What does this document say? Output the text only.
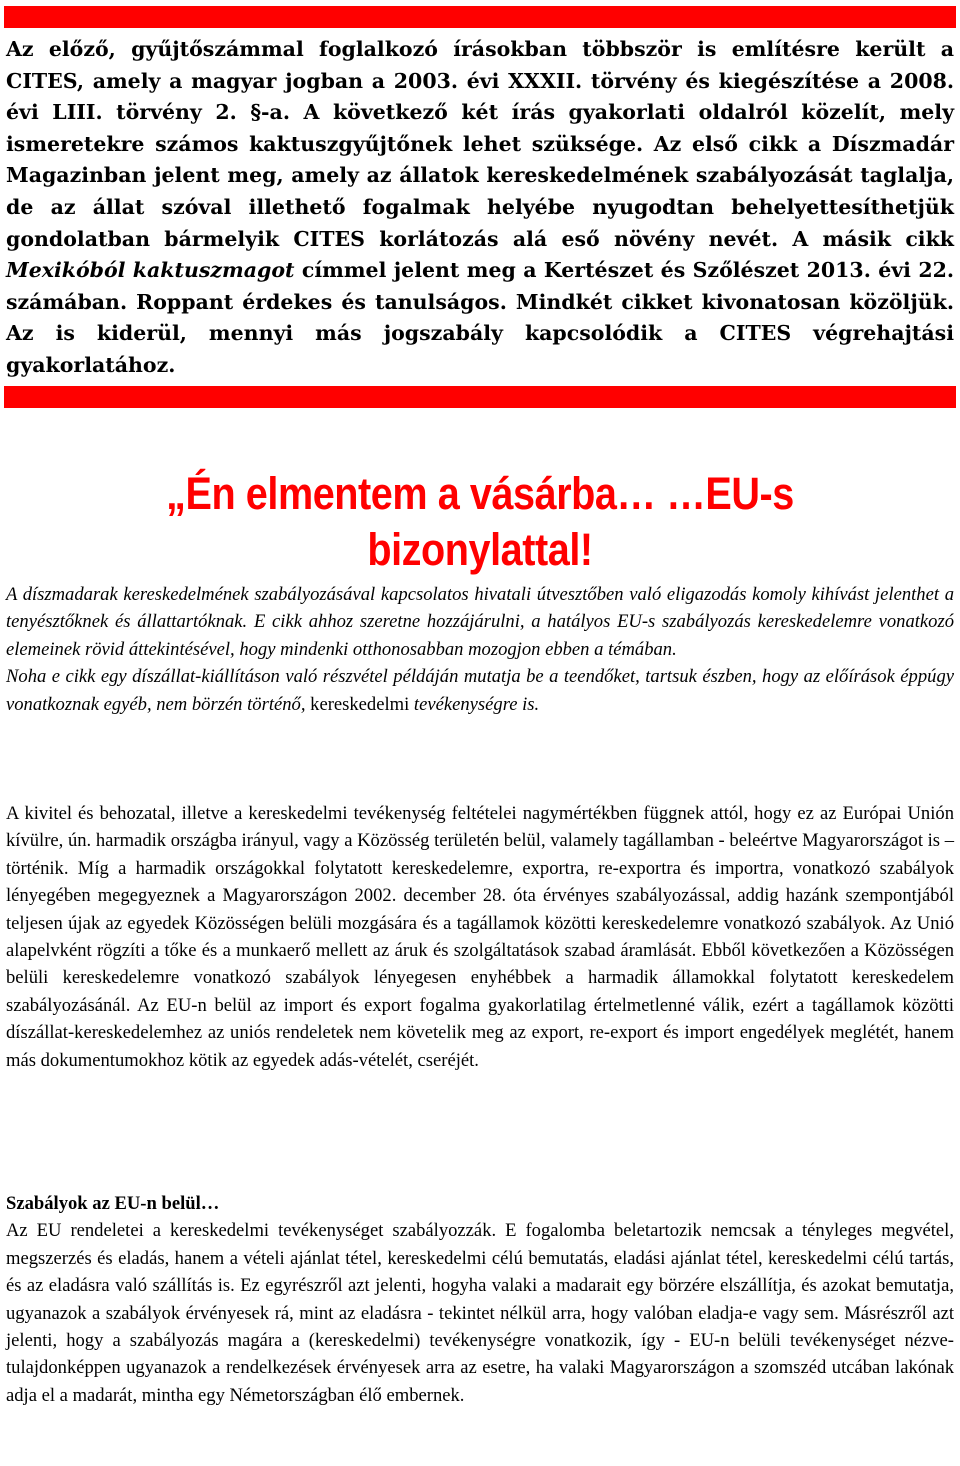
Az előző, gyűjtőszámmal foglalkozó írásokban többször is említésre került a CITES, amely a magyar jogban a 2003. évi XXXII. törvény és kiegészítése a 2008. évi LIII. törvény 2. §-a. A következő két írás gyakorlati oldalról közelít, mely ismeretekre számos kaktuszgyűjtőnek lehet szüksége. Az első cikk a Díszmadár Magazinban jelent meg, amely az állatok kereskedelmének szabályozását taglalja, de az állat szóval illethető fogalmak helyébe nyugodtan behelyettesíthetjük gondolatban bármelyik CITES korlátozás alá eső növény nevét. A másik cikk Mexikóból kaktuszmagot címmel jelent meg a Kertészet és Szőlészet 2013. évi 22. számában. Roppant érdekes és tanulságos. Mindkét cikket kivonatosan közöljük. Az is kiderül, mennyi más jogszabály kapcsolódik a CITES végrehajtási gyakorlatához.

„Én elmentem a vásárba… …EU-s bizonylattal!

A díszmadarak kereskedelmének szabályozásával kapcsolatos hivatali útvesztőben való eligazodás komoly kihívást jelenthet a tenyésztőknek és állattartóknak. E cikk ahhoz szeretne hozzájárulni, a hatályos EU-s szabályozás kereskedelemre vonatkozó elemeinek rövid áttekintésével, hogy mindenki otthonosabban mozogjon ebben a témában.
Noha e cikk egy díszállat-kiállításon való részvétel példáján mutatja be a teendőket, tartsuk észben, hogy az előírások éppúgy vonatkoznak egyéb, nem börzén történő, kereskedelmi tevékenységre is.

A kivitel és behozatal, illetve a kereskedelmi tevékenység feltételei nagymértékben függnek attól, hogy ez az Európai Unión kívülre, ún. harmadik országba irányul, vagy a Közösség területén belül, valamely tagállamban - beleértve Magyarországot is – történik. Míg a harmadik országokkal folytatott kereskedelemre, exportra, re-exportra és importra, vonatkozó szabályok lényegében megegyeznek a Magyarországon 2002. december 28. óta érvényes szabályozással, addig hazánk szempontjából teljesen újak az egyedek Közösségen belüli mozgására és a tagállamok közötti kereskedelemre vonatkozó szabályok. Az Unió alapelvként rögzíti a tőke és a munkaerő mellett az áruk és szolgáltatások szabad áramlását. Ebből következően a Közösségen belüli kereskedelemre vonatkozó szabályok lényegesen enyhébbek a harmadik államokkal folytatott kereskedelem szabályozásánál. Az EU-n belül az import és export fogalma gyakorlatilag értelmetlenné válik, ezért a tagállamok közötti díszállat-kereskedelemhez az uniós rendeletek nem követelik meg az export, re-export és import engedélyek meglétét, hanem más dokumentumokhoz kötik az egyedek adás-vételét, cseréjét.

Szabályok az EU-n belül…
Az EU rendeletei a kereskedelmi tevékenységet szabályozzák. E fogalomba beletartozik nemcsak a tényleges megvétel, megszerzés és eladás, hanem a vételi ajánlat tétel, kereskedelmi célú bemutatás, eladási ajánlat tétel, kereskedelmi célú tartás, és az eladásra való szállítás is. Ez egyrészről azt jelenti, hogyha valaki a madarait egy börzére elszállítja, és azokat bemutatja, ugyanazok a szabályok érvényesek rá, mint az eladásra - tekintet nélkül arra, hogy valóban eladja-e vagy sem. Másrészről azt jelenti, hogy a szabályozás magára a (kereskedelmi) tevékenységre vonatkozik, így - EU-n belüli tevékenységet nézve- tulajdonképpen ugyanazok a rendelkezések érvényesek arra az esetre, ha valaki Magyarországon a szomszéd utcában lakónak adja el a madarát, mintha egy Németországban élő embernek.
